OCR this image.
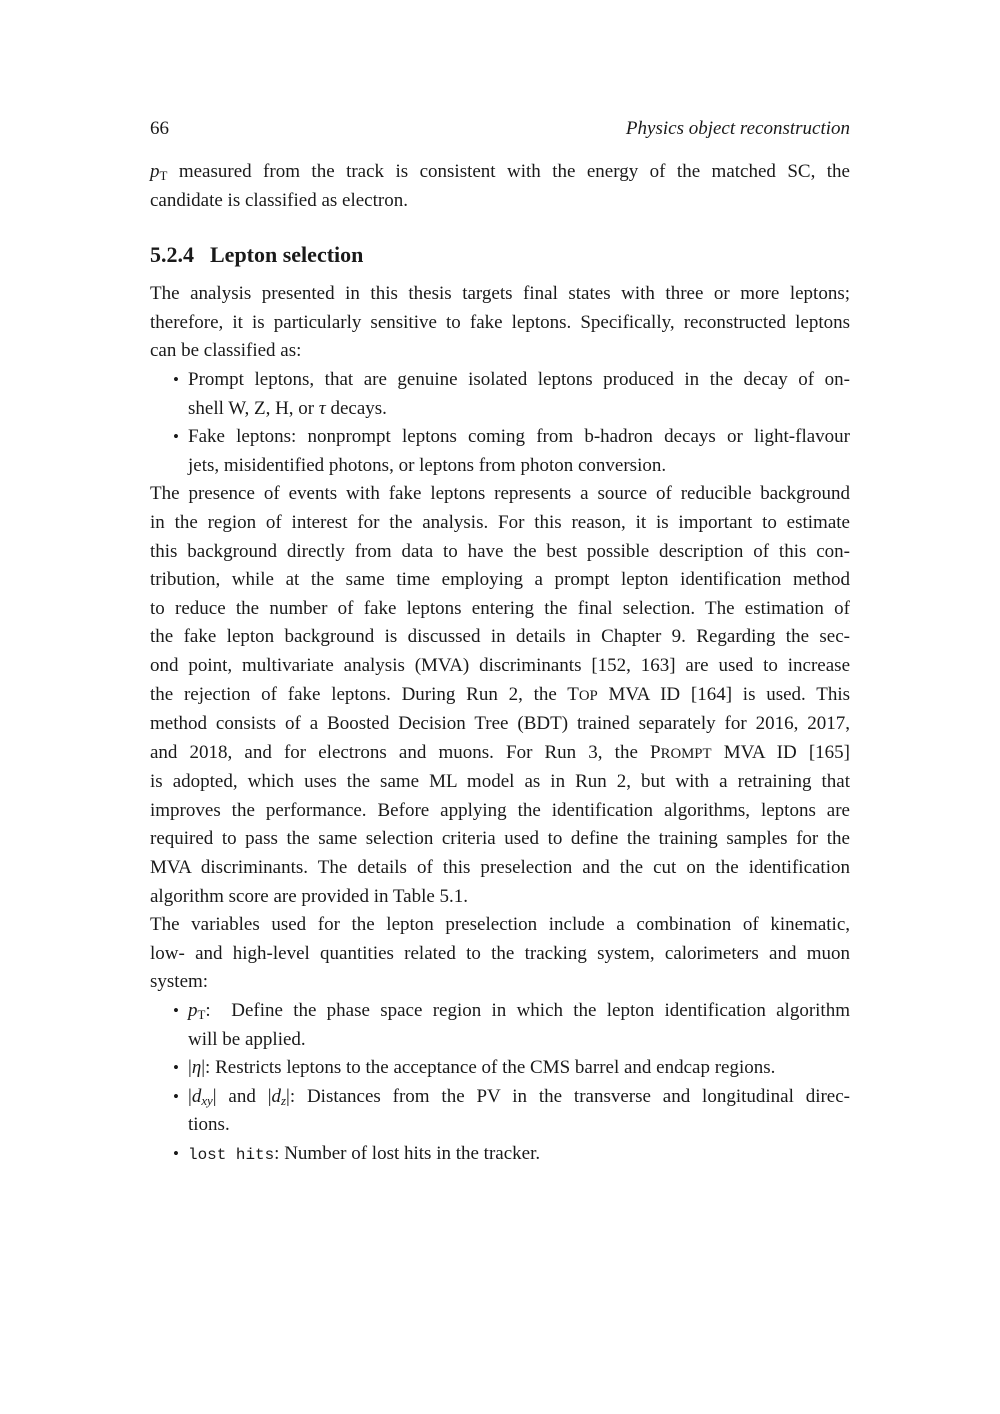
66	Physics object reconstruction
$p_T$ measured from the track is consistent with the energy of the matched SC, the
candidate is classified as electron.
5.2.4 Lepton selection
The analysis presented in this thesis targets final states with three or more leptons;
therefore, it is particularly sensitive to fake leptons. Specifically, reconstructed leptons
can be classified as:
• Prompt leptons, that are genuine isolated leptons produced in the decay of on-
shell W, Z, H, or τ decays.
• Fake leptons: nonprompt leptons coming from b-hadron decays or light-flavour
jets, misidentified photons, or leptons from photon conversion.
The presence of events with fake leptons represents a source of reducible background
in the region of interest for the analysis. For this reason, it is important to estimate
this background directly from data to have the best possible description of this con-
tribution, while at the same time employing a prompt lepton identification method
to reduce the number of fake leptons entering the final selection. The estimation of
the fake lepton background is discussed in details in Chapter 9. Regarding the sec-
ond point, multivariate analysis (MVA) discriminants [152, 163] are used to increase
the rejection of fake leptons. During Run 2, the TOP MVA ID [164] is used. This
method consists of a Boosted Decision Tree (BDT) trained separately for 2016, 2017,
and 2018, and for electrons and muons. For Run 3, the PROMPT MVA ID [165]
is adopted, which uses the same ML model as in Run 2, but with a retraining that
improves the performance. Before applying the identification algorithms, leptons are
required to pass the same selection criteria used to define the training samples for the
MVA discriminants. The details of this preselection and the cut on the identification
algorithm score are provided in Table 5.1.
The variables used for the lepton preselection include a combination of kinematic,
low- and high-level quantities related to the tracking system, calorimeters and muon
system:
• $p_T$:  Define the phase space region in which the lepton identification algorithm
will be applied.
• |η|: Restricts leptons to the acceptance of the CMS barrel and endcap regions.
• $|d_{xy}|$ and $|d_z|$: Distances from the PV in the transverse and longitudinal direc-
tions.
• lost hits: Number of lost hits in the tracker.
